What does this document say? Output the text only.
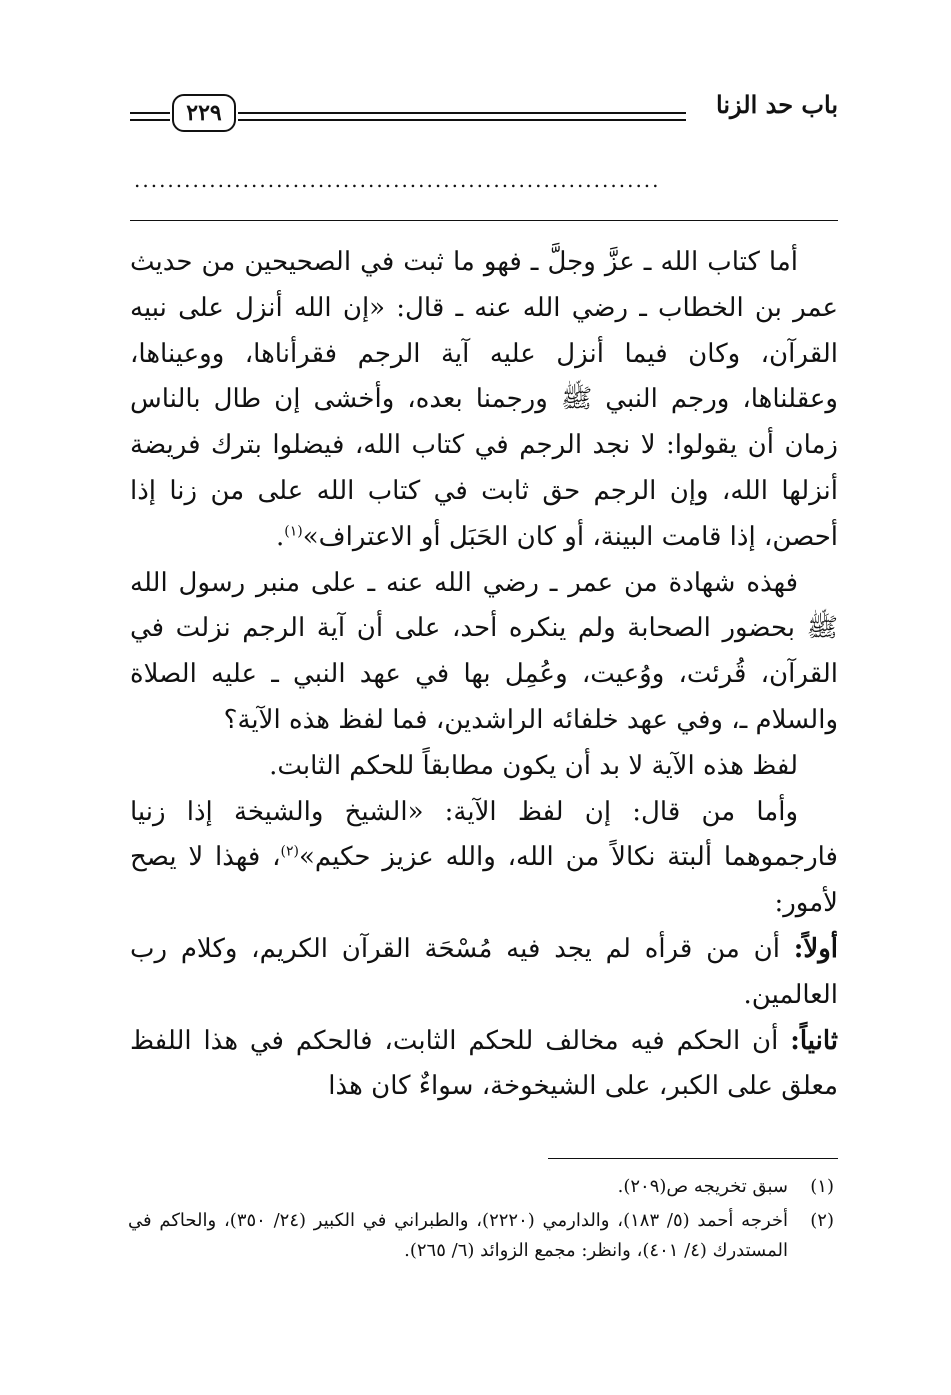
باب حد الزنا
٢٢٩
...............................................................

أما كتاب الله ـ عزَّ وجلَّ ـ فهو ما ثبت في الصحيحين من حديث عمر بن الخطاب ـ رضي الله عنه ـ قال: «إن الله أنزل على نبيه القرآن، وكان فيما أنزل عليه آية الرجم فقرأناها، ووعيناها، وعقلناها، ورجم النبي ﷺ ورجمنا بعده، وأخشى إن طال بالناس زمان أن يقولوا: لا نجد الرجم في كتاب الله، فيضلوا بترك فريضة أنزلها الله، وإن الرجم حق ثابت في كتاب الله على من زنا إذا أحصن، إذا قامت البينة، أو كان الحَبَل أو الاعتراف»$^{(١)}$.

فهذه شهادة من عمر ـ رضي الله عنه ـ على منبر رسول الله ﷺ بحضور الصحابة ولم ينكره أحد، على أن آية الرجم نزلت في القرآن، قُرئت، ووُعيت، وعُمِل بها في عهد النبي ـ عليه الصلاة والسلام ـ، وفي عهد خلفائه الراشدين، فما لفظ هذه الآية؟

لفظ هذه الآية لا بد أن يكون مطابقاً للحكم الثابت.

وأما من قال: إن لفظ الآية: «الشيخ والشيخة إذا زنيا فارجموهما ألبتة نكالاً من الله، والله عزيز حكيم»$^{(٢)}$، فهذا لا يصح لأمور:

أولاً: أن من قرأه لم يجد فيه مُسْحَة القرآن الكريم، وكلام رب العالمين.

ثانياً: أن الحكم فيه مخالف للحكم الثابت، فالحكم في هذا اللفظ معلق على الكبر، على الشيخوخة، سواءٌ كان هذا

(١)
سبق تخريجه ص(٢٠٩).
(٢)
أخرجه أحمد (٥/ ١٨٣)، والدارمي (٢٢٢٠)، والطبراني في الكبير (٢٤/ ٣٥٠)، والحاكم في المستدرك (٤/ ٤٠١)، وانظر: مجمع الزوائد (٦/ ٢٦٥).
